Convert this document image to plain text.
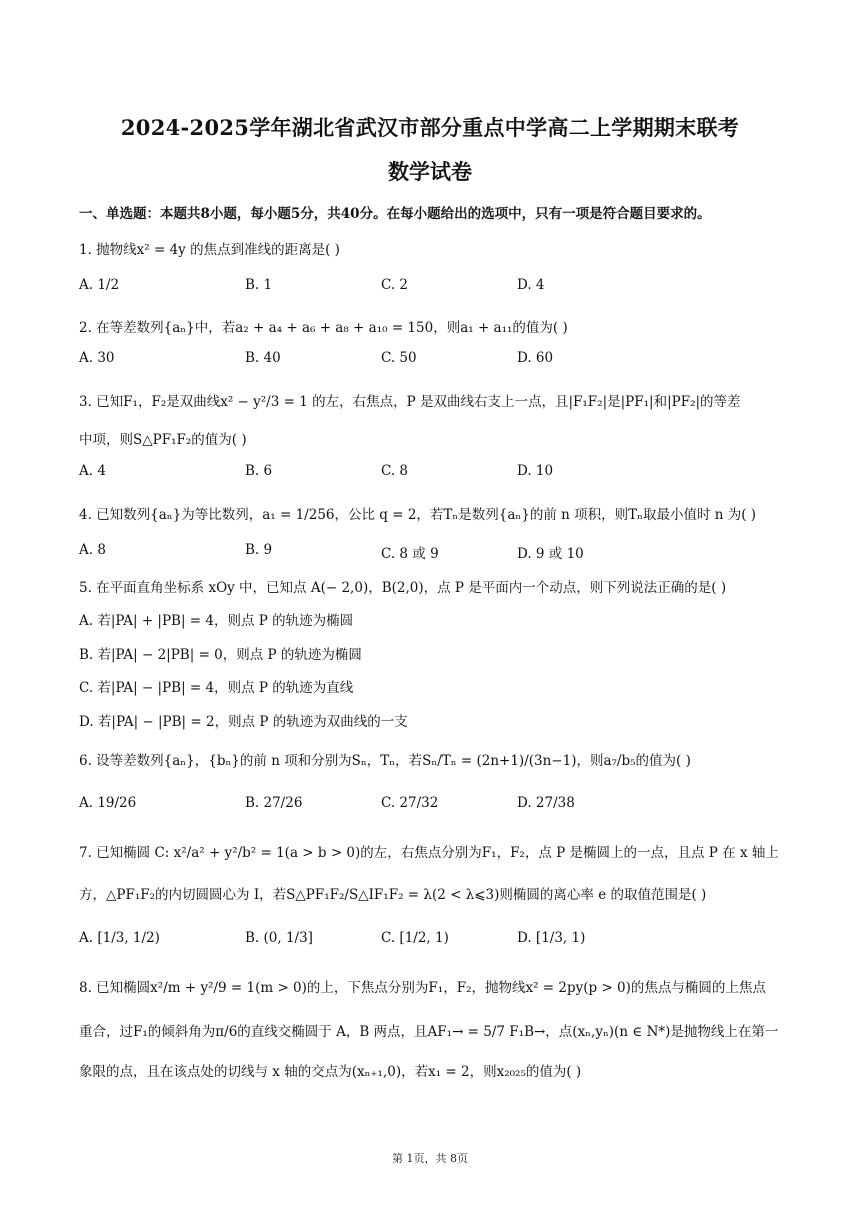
2024-2025学年湖北省武汉市部分重点中学高二上学期期末联考
数学试卷
一、单选题：本题共8小题，每小题5分，共40分。在每小题给出的选项中，只有一项是符合题目要求的。
1. 抛物线x² = 4y 的焦点到准线的距离是( )
A. 1/2	B. 1	C. 2	D. 4
2. 在等差数列{aₙ}中，若a₂ + a₄ + a₆ + a₈ + a₁₀ = 150，则a₁ + a₁₁的值为( )
A. 30	B. 40	C. 50	D. 60
3. 已知F₁，F₂是双曲线x² − y²/3 = 1 的左，右焦点，P 是双曲线右支上一点，且|F₁F₂|是|PF₁|和|PF₂|的等差
中项，则S△PF₁F₂的值为( )
A. 4	B. 6	C. 8	D. 10
4. 已知数列{aₙ}为等比数列，a₁ = 1/256，公比 q = 2，若Tₙ是数列{aₙ}的前 n 项积，则Tₙ取最小值时 n 为( )
A. 8	B. 9	C. 8 或 9	D. 9 或 10
5. 在平面直角坐标系 xOy 中，已知点 A(− 2,0)，B(2,0)，点 P 是平面内一个动点，则下列说法正确的是( )
A. 若|PA| + |PB| = 4，则点 P 的轨迹为椭圆
B. 若|PA| − 2|PB| = 0，则点 P 的轨迹为椭圆
C. 若|PA| − |PB| = 4，则点 P 的轨迹为直线
D. 若|PA| − |PB| = 2，则点 P 的轨迹为双曲线的一支
6. 设等差数列{aₙ}，{bₙ}的前 n 项和分别为Sₙ，Tₙ，若Sₙ/Tₙ = (2n+1)/(3n−1)，则a₇/b₅的值为( )
A. 19/26	B. 27/26	C. 27/32	D. 27/38
7. 已知椭圆 C: x²/a² + y²/b² = 1(a > b > 0)的左，右焦点分别为F₁，F₂，点 P 是椭圆上的一点，且点 P 在 x 轴上
方，△PF₁F₂的内切圆圆心为 I，若S△PF₁F₂/S△IF₁F₂ = λ(2 < λ⩽3)则椭圆的离心率 e 的取值范围是( )
A. [1/3, 1/2)	B. (0, 1/3]	C. [1/2, 1)	D. [1/3, 1)
8. 已知椭圆x²/m + y²/9 = 1(m > 0)的上，下焦点分别为F₁，F₂，抛物线x² = 2py(p > 0)的焦点与椭圆的上焦点
重合，过F₁的倾斜角为π/6的直线交椭圆于 A，B 两点，且AF₁→ = 5/7 F₁B→，点(xₙ,yₙ)(n ∈ N*)是抛物线上在第一
象限的点，且在该点处的切线与 x 轴的交点为(xₙ₊₁,0)，若x₁ = 2，则x₂₀₂₅的值为( )
第 1页，共 8页
